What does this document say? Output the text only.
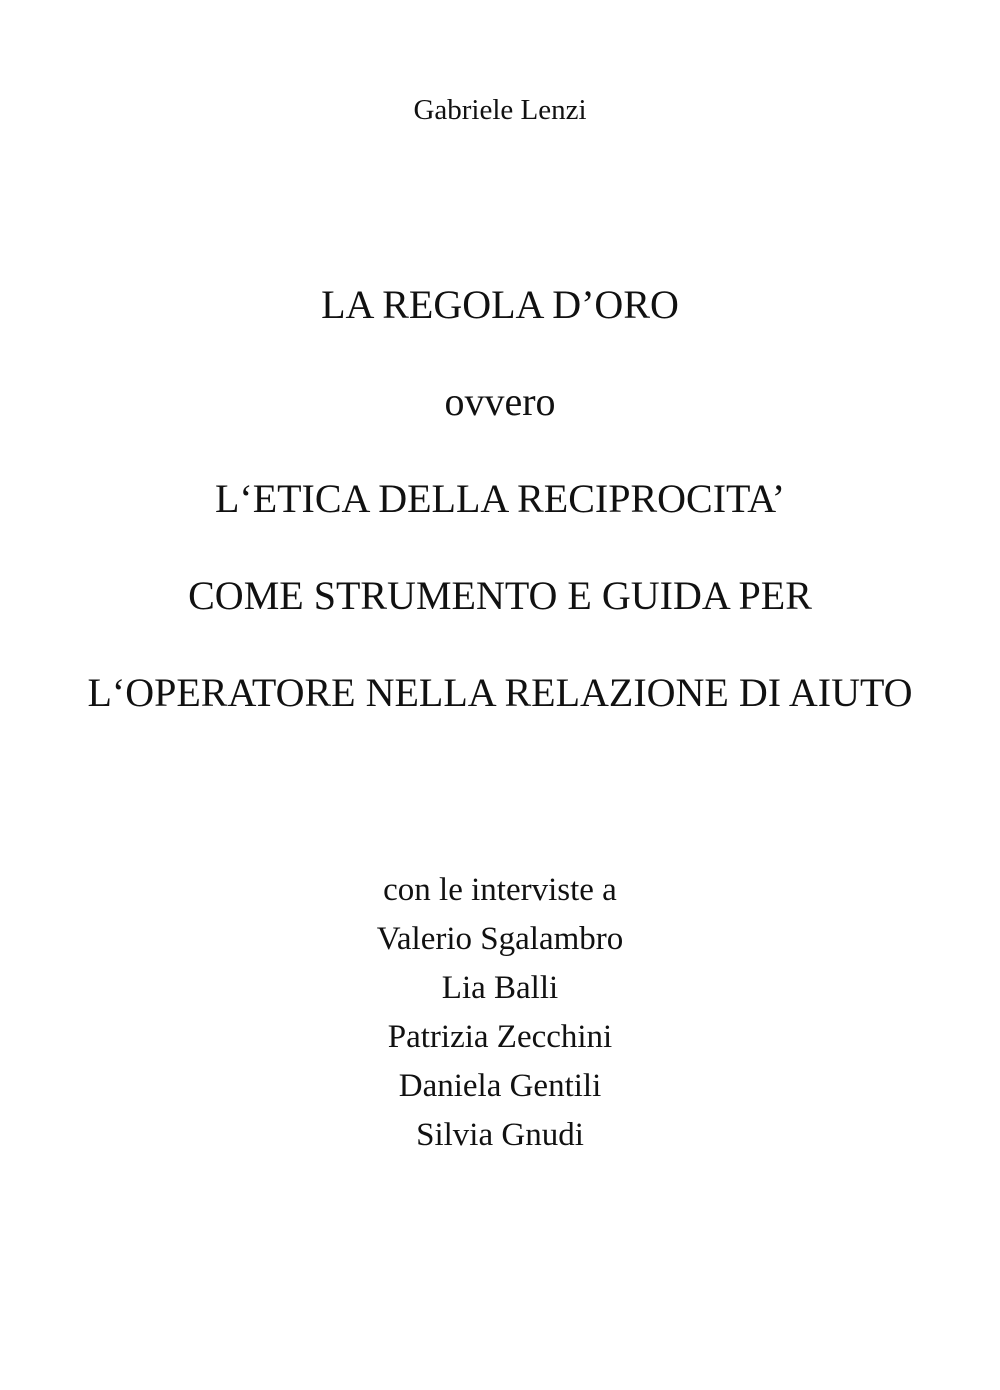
Gabriele Lenzi
LA REGOLA D’ORO
ovvero
L‘ETICA DELLA RECIPROCITA’
COME STRUMENTO E GUIDA PER
L‘OPERATORE NELLA RELAZIONE DI AIUTO
con le interviste a
Valerio Sgalambro
Lia Balli
Patrizia Zecchini
Daniela Gentili
Silvia Gnudi
